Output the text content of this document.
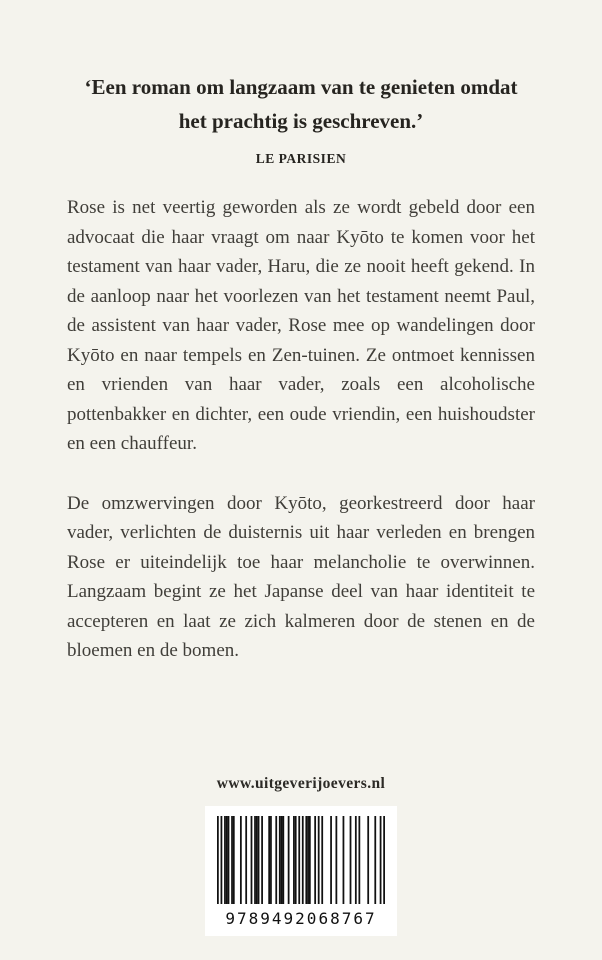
‘Een roman om langzaam van te genieten omdat het prachtig is geschreven.’
LE PARISIEN

Rose is net veertig geworden als ze wordt gebeld door een advocaat die haar vraagt om naar Kyōto te komen voor het testament van haar vader, Haru, die ze nooit heeft gekend. In de aanloop naar het voorlezen van het testament neemt Paul, de assistent van haar vader, Rose mee op wandelingen door Kyōto en naar tempels en Zen-tuinen. Ze ontmoet kennissen en vrienden van haar vader, zoals een alcoholische pottenbakker en dichter, een oude vriendin, een huishoudster en een chauffeur.

De omzwervingen door Kyōto, georkestreerd door haar vader, verlichten de duisternis uit haar verleden en brengen Rose er uiteindelijk toe haar melancholie te overwinnen. Langzaam begint ze het Japanse deel van haar identiteit te accepteren en laat ze zich kalmeren door de stenen en de bloemen en de bomen.

www.uitgeverijoevers.nl
9789492068767
